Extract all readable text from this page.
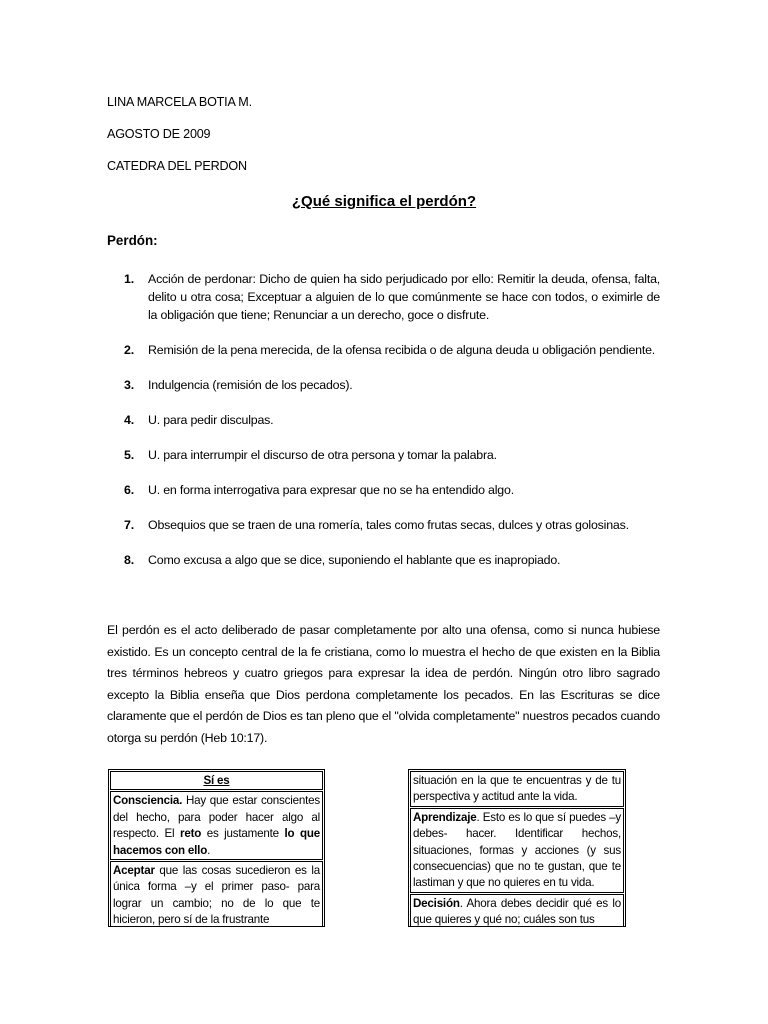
LINA MARCELA BOTIA M.
AGOSTO DE 2009
CATEDRA DEL PERDON
¿Qué significa el perdón?
Perdón:
1. Acción de perdonar: Dicho de quien ha sido perjudicado por ello: Remitir la deuda, ofensa, falta, delito u otra cosa; Exceptuar a alguien de lo que comúnmente se hace con todos, o eximirle de la obligación que tiene; Renunciar a un derecho, goce o disfrute.
2. Remisión de la pena merecida, de la ofensa recibida o de alguna deuda u obligación pendiente.
3. Indulgencia (remisión de los pecados).
4. U. para pedir disculpas.
5. U. para interrumpir el discurso de otra persona y tomar la palabra.
6. U. en forma interrogativa para expresar que no se ha entendido algo.
7. Obsequios que se traen de una romería, tales como frutas secas, dulces y otras golosinas.
8. Como excusa a algo que se dice, suponiendo el hablante que es inapropiado.
El perdón es el acto deliberado de pasar completamente por alto una ofensa, como si nunca hubiese existido. Es un concepto central de la fe cristiana, como lo muestra el hecho de que existen en la Biblia tres términos hebreos y cuatro griegos para expresar la idea de perdón. Ningún otro libro sagrado excepto la Biblia enseña que Dios perdona completamente los pecados. En las Escrituras se dice claramente que el perdón de Dios es tan pleno que el "olvida completamente" nuestros pecados cuando otorga su perdón (Heb 10:17).
Sí es
Consciencia. Hay que estar conscientes del hecho, para poder hacer algo al respecto. El reto es justamente lo que hacemos con ello.
Aceptar que las cosas sucedieron es la única forma –y el primer paso- para lograr un cambio; no de lo que te hicieron, pero sí de la frustrante
situación en la que te encuentras y de tu perspectiva y actitud ante la vida.
Aprendizaje. Esto es lo que sí puedes –y debes- hacer. Identificar hechos, situaciones, formas y acciones (y sus consecuencias) que no te gustan, que te lastiman y que no quieres en tu vida.
Decisión. Ahora debes decidir qué es lo que quieres y qué no; cuáles son tus
